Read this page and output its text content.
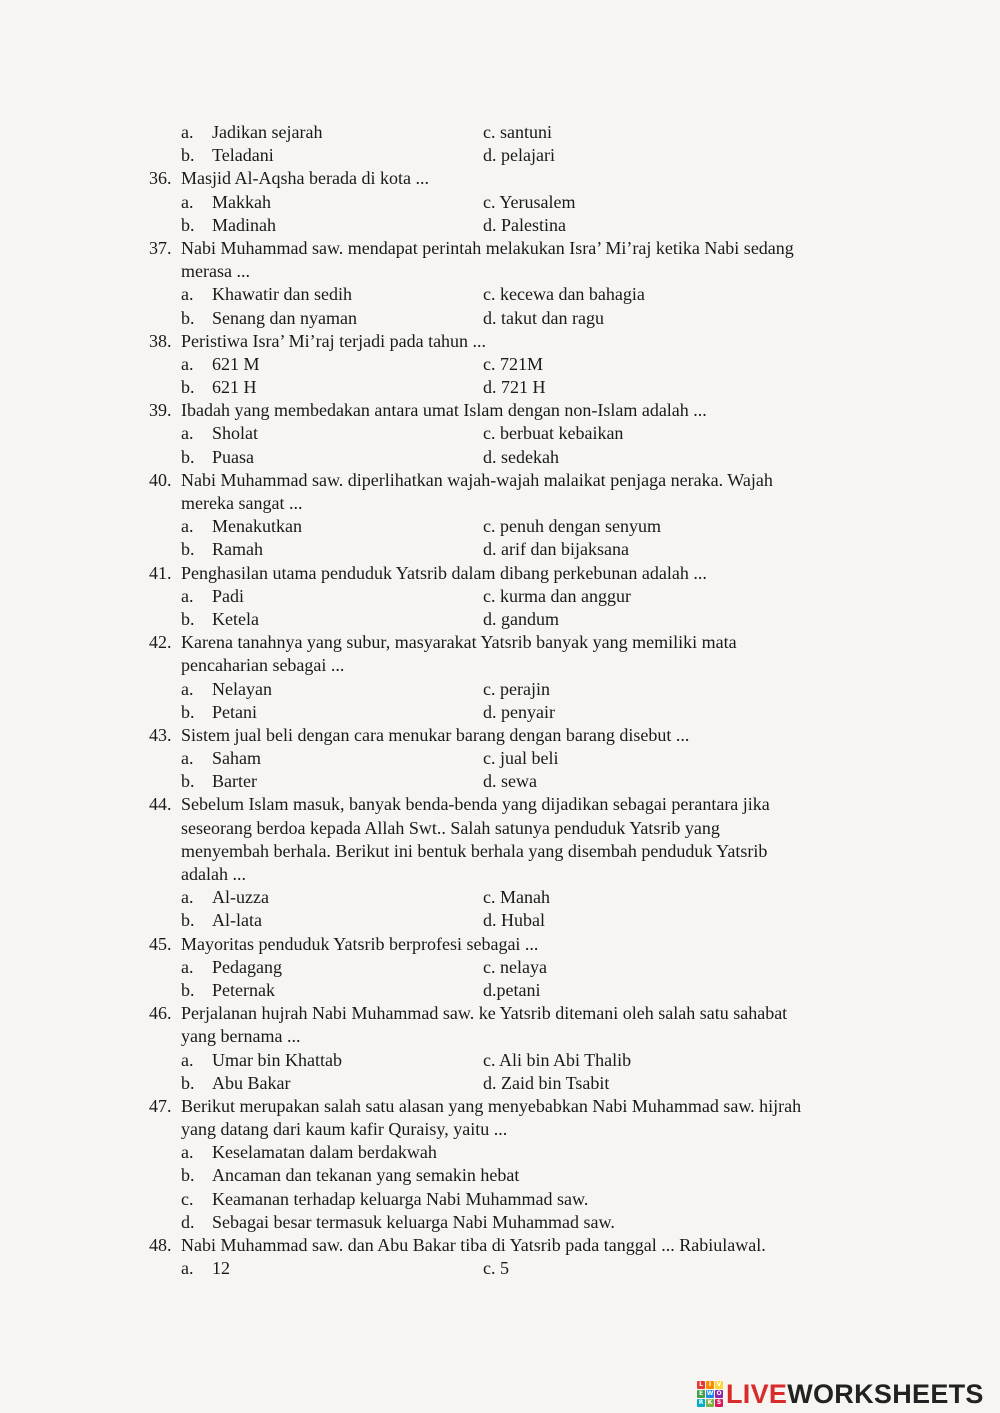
a. Jadikan sejarah	c. santuni
b. Teladani	d. pelajari
36. Masjid Al-Aqsha berada di kota ...
a. Makkah	c. Yerusalem
b. Madinah	d. Palestina
37. Nabi Muhammad saw. mendapat perintah melakukan Isra’ Mi’raj ketika Nabi sedang
merasa ...
a. Khawatir dan sedih	c. kecewa dan bahagia
b. Senang dan nyaman	d. takut dan ragu
38. Peristiwa Isra’ Mi’raj terjadi pada tahun ...
a. 621 M	c. 721M
b. 621 H	d. 721 H
39. Ibadah yang membedakan antara umat Islam dengan non-Islam adalah ...
a. Sholat	c. berbuat kebaikan
b. Puasa	d. sedekah
40. Nabi Muhammad saw. diperlihatkan wajah-wajah malaikat penjaga neraka. Wajah
mereka sangat ...
a. Menakutkan	c. penuh dengan senyum
b. Ramah	d. arif dan bijaksana
41. Penghasilan utama penduduk Yatsrib dalam dibang perkebunan adalah ...
a. Padi	c. kurma dan anggur
b. Ketela	d. gandum
42. Karena tanahnya yang subur, masyarakat Yatsrib banyak yang memiliki mata
pencaharian sebagai ...
a. Nelayan	c. perajin
b. Petani	d. penyair
43. Sistem jual beli dengan cara menukar barang dengan barang disebut ...
a. Saham	c. jual beli
b. Barter	d. sewa
44. Sebelum Islam masuk, banyak benda-benda yang dijadikan sebagai perantara jika
seseorang berdoa kepada Allah Swt.. Salah satunya penduduk Yatsrib yang
menyembah berhala. Berikut ini bentuk berhala yang disembah penduduk Yatsrib
adalah ...
a. Al-uzza	c. Manah
b. Al-lata	d. Hubal
45. Mayoritas penduduk Yatsrib berprofesi sebagai ...
a. Pedagang	c. nelaya
b. Peternak	d.petani
46. Perjalanan hujrah Nabi Muhammad saw. ke Yatsrib ditemani oleh salah satu sahabat
yang bernama ...
a. Umar bin Khattab	c. Ali bin Abi Thalib
b. Abu Bakar	d. Zaid bin Tsabit
47. Berikut merupakan salah satu alasan yang menyebabkan Nabi Muhammad saw. hijrah
yang datang dari kaum kafir Quraisy, yaitu ...
a. Keselamatan dalam berdakwah
b. Ancaman dan tekanan yang semakin hebat
c. Keamanan terhadap keluarga Nabi Muhammad saw.
d. Sebagai besar termasuk keluarga Nabi Muhammad saw.
48. Nabi Muhammad saw. dan Abu Bakar tiba di Yatsrib pada tanggal ... Rabiulawal.
a. 12	c. 5
L I V
E W O
R K S LIVEWORKSHEETS
